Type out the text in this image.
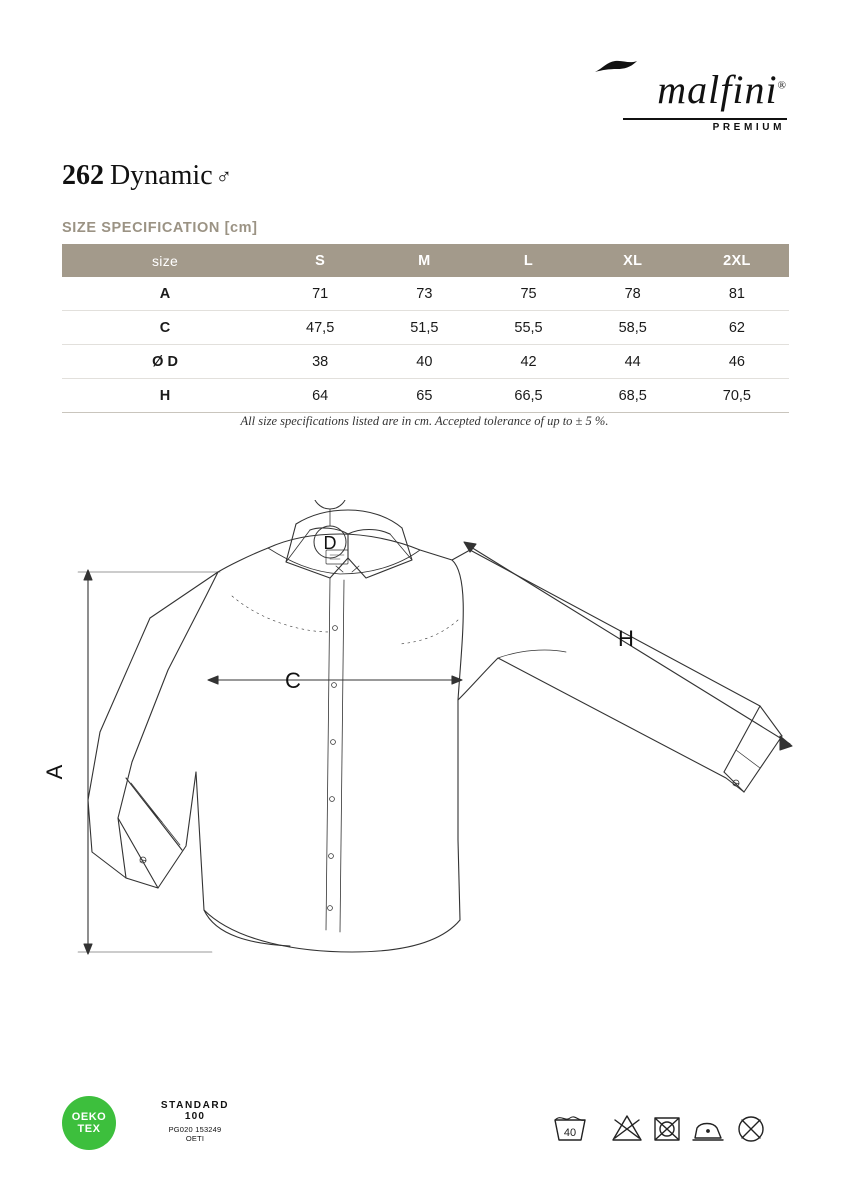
malfini®
PREMIUM
262 Dynamic ♂
SIZE SPECIFICATION [cm]
size	S	M	L	XL	2XL
A	71	73	75	78	81
C	47,5	51,5	55,5	58,5	62
Ø D	38	40	42	44	46
H	64	65	66,5	68,5	70,5
All size specifications listed are in cm. Accepted tolerance of up to ± 5 %.
A
C
H
D
OEKO
TEX
STANDARD
100
PG020 153249
OETI	40
